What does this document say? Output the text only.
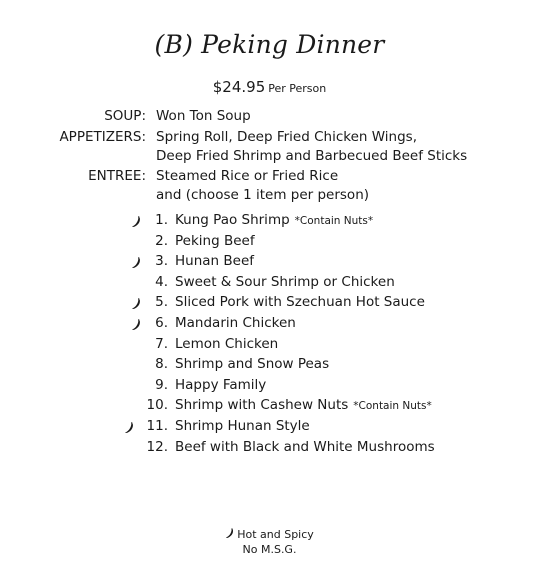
(B) Peking Dinner
$24.95 Per Person
SOUP: Won Ton Soup
APPETIZERS: Spring Roll, Deep Fried Chicken Wings,
Deep Fried Shrimp and Barbecued Beef Sticks
ENTREE: Steamed Rice or Fried Rice
and (choose 1 item per person)
1. Kung Pao Shrimp *Contain Nuts*
2. Peking Beef
3. Hunan Beef
4. Sweet & Sour Shrimp or Chicken
5. Sliced Pork with Szechuan Hot Sauce
6. Mandarin Chicken
7. Lemon Chicken
8. Shrimp and Snow Peas
9. Happy Family
10. Shrimp with Cashew Nuts *Contain Nuts*
11. Shrimp Hunan Style
12. Beef with Black and White Mushrooms
Hot and Spicy
No M.S.G.
